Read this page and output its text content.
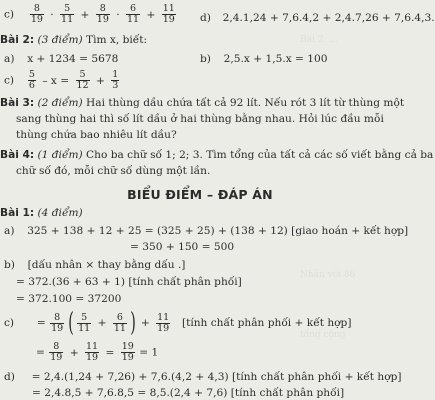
Bài 2: ...
Nhân với 86
tổng cộng
$c) \frac{8}{19} \cdot \frac{5}{11} + \frac{8}{19} \cdot \frac{6}{11} + \frac{11}{19} d$) 2,4.1,24 + 7,6.4,2 + 2,4.7,26 + 7,6.4,3.
Bài 2: (3 điểm) Tìm x, biết:
a) x + 1234 = 5678	b) 2,5.x + 1,5.x = 100
$c) \frac{5}{6} - x = \frac{5}{12} + \frac{1}{3}$
Bài 3: (2 điểm) Hai thùng dầu chứa tất cả 92 lít. Nếu rót 3 lít từ thùng một
sang thùng hai thì số lít dầu ở hai thùng bằng nhau. Hỏi lúc đầu mỗi
thùng chứa bao nhiêu lít dầu?
Bài 4: (1 điểm) Cho ba chữ số 1; 2; 3. Tìm tổng của tất cả các số viết bằng cả ba
chữ số đó, mỗi chữ số dùng một lần.
BIỂU ĐIỂM – ĐÁP ÁN
Bài 1: (4 điểm)
a) 325 + 138 + 12 + 25 = (325 + 25) + (138 + 12) [giao hoán + kết hợp]
= 350 + 150 = 500
b) [dấu nhân × thay bằng dấu .]
= 372.(36 + 63 + 1) [tính chất phân phối]
= 372.100 = 37200
$c) = \frac{8}{19}$ ( $\frac{5}{11} + \frac{6}{11}$ ) + $\frac{11}{19}$ [tính chất phân phối + kết hợp]
= $\frac{8}{19} + \frac{11}{19} = \frac{19}{19} = 1$
d) = 2,4.(1,24 + 7,26) + 7,6.(4,2 + 4,3) [tính chất phân phối + kết hợp]
= 2,4.8,5 + 7,6.8,5 = 8,5.(2,4 + 7,6) [tính chất phân phối]
